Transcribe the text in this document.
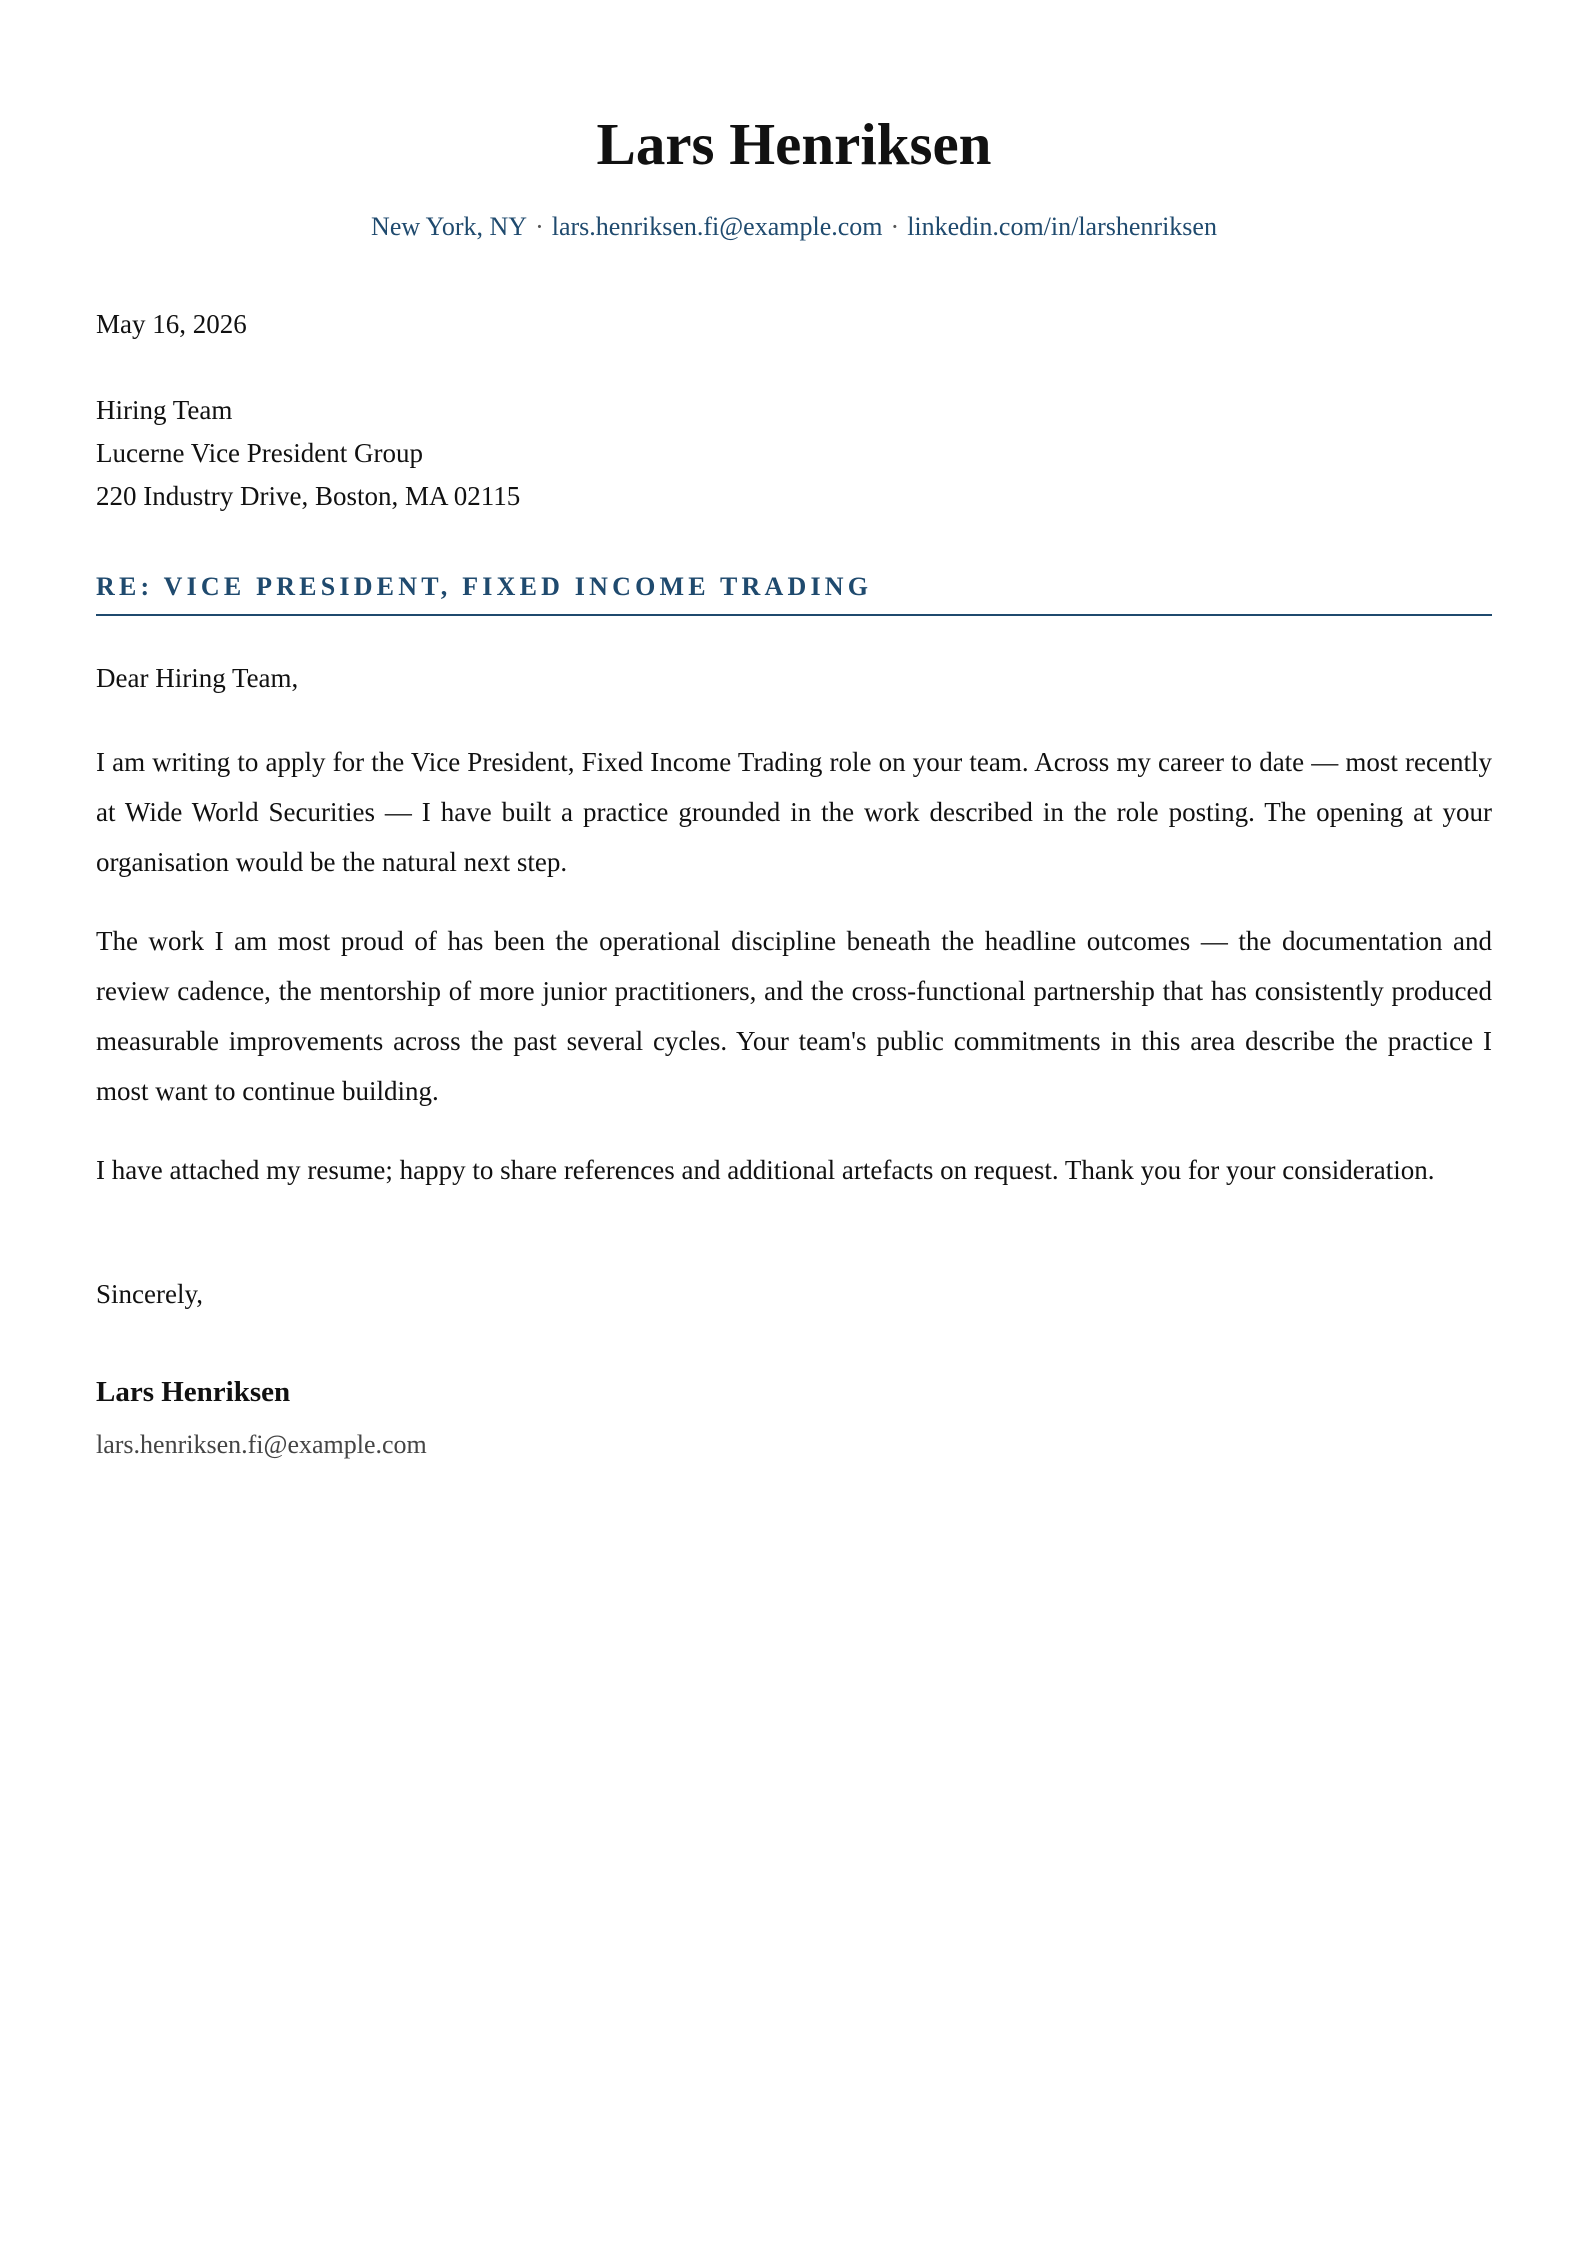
Lars Henriksen
New York, NY · lars.henriksen.fi@example.com · linkedin.com/in/larshenriksen
May 16, 2026
Hiring Team
Lucerne Vice President Group
220 Industry Drive, Boston, MA 02115
RE: VICE PRESIDENT, FIXED INCOME TRADING
Dear Hiring Team,

I am writing to apply for the Vice President, Fixed Income Trading role on your team. Across my career to date — most recently at Wide World Securities — I have built a practice grounded in the work described in the role posting. The opening at your organisation would be the natural next step.

The work I am most proud of has been the operational discipline beneath the headline outcomes — the documentation and review cadence, the mentorship of more junior practitioners, and the cross-functional partnership that has consistently produced measurable improvements across the past several cycles. Your team's public commitments in this area describe the practice I most want to continue building.

I have attached my resume; happy to share references and additional artefacts on request. Thank you for your consideration.

Sincerely,
Lars Henriksen
lars.henriksen.fi@example.com
